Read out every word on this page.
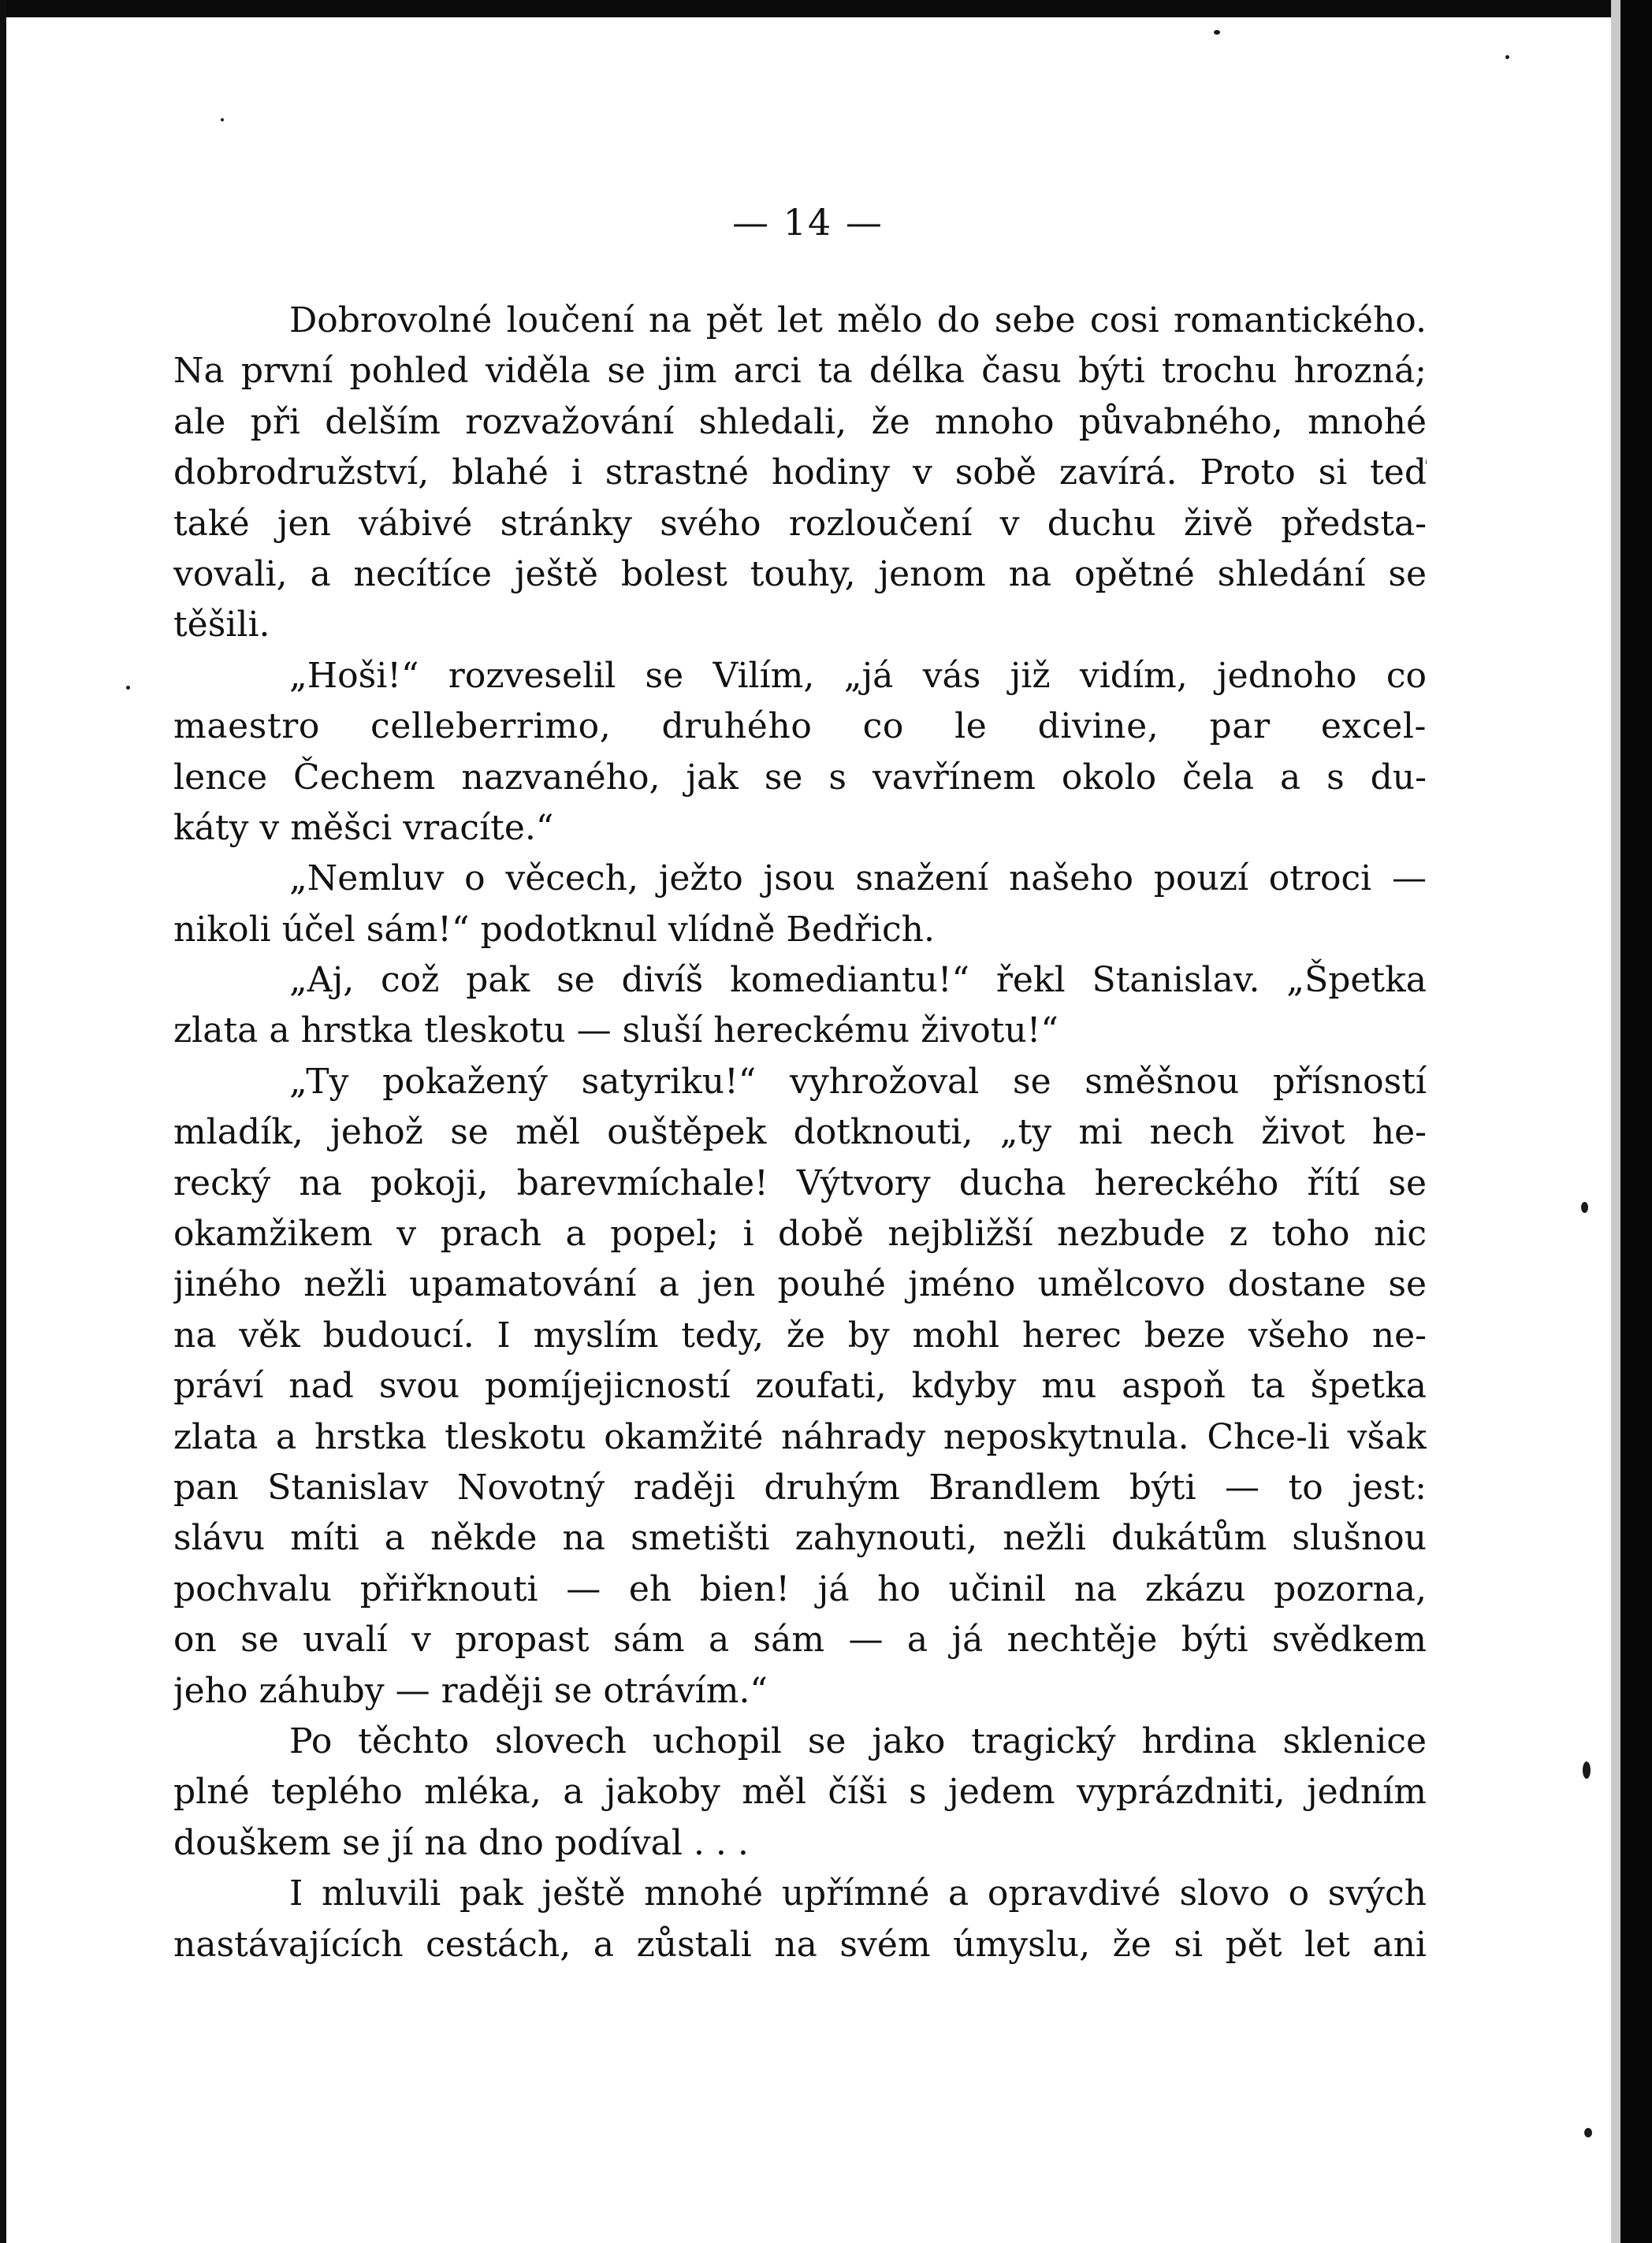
— 14 —
Dobrovolné loučení na pět let mělo do sebe cosi romantického.
Na první pohled viděla se jim arci ta délka času býti trochu hrozná;
ale při delším rozvažování shledali, že mnoho půvabného, mnohé
dobrodružství, blahé i strastné hodiny v sobě zavírá. Proto si teď
také jen vábivé stránky svého rozloučení v duchu živě předsta-
vovali, a necítíce ještě bolest touhy, jenom na opětné shledání se
těšili.
„Hoši!“ rozveselil se Vilím, „já vás již vidím, jednoho co
maestro celleberrimo, druhého co le divine, par excel-
lence Čechem nazvaného, jak se s vavřínem okolo čela a s du-
káty v měšci vracíte.“
„Nemluv o věcech, ježto jsou snažení našeho pouzí otroci —
nikoli účel sám!“ podotknul vlídně Bedřich.
„Aj, což pak se divíš komediantu!“ řekl Stanislav. „Špetka
zlata a hrstka tleskotu — sluší hereckému životu!“
„Ty pokažený satyriku!“ vyhrožoval se směšnou přísností
mladík, jehož se měl ouštěpek dotknouti, „ty mi nech život he-
recký na pokoji, barevmíchale! Výtvory ducha hereckého řítí se
okamžikem v prach a popel; i době nejbližší nezbude z toho nic
jiného nežli upamatování a jen pouhé jméno umělcovo dostane se
na věk budoucí. I myslím tedy, že by mohl herec beze všeho ne-
práví nad svou pomíjejicností zoufati, kdyby mu aspoň ta špetka
zlata a hrstka tleskotu okamžité náhrady neposkytnula. Chce-li však
pan Stanislav Novotný raději druhým Brandlem býti — to jest:
slávu míti a někde na smetišti zahynouti, nežli dukátům slušnou
pochvalu přiřknouti — eh bien! já ho učinil na zkázu pozorna,
on se uvalí v propast sám a sám — a já nechtěje býti svědkem
jeho záhuby — raději se otrávím.“
Po těchto slovech uchopil se jako tragický hrdina sklenice
plné teplého mléka, a jakoby měl číši s jedem vyprázdniti, jedním
douškem se jí na dno podíval . . .
I mluvili pak ještě mnohé upřímné a opravdivé slovo o svých
nastávajících cestách, a zůstali na svém úmyslu, že si pět let ani
